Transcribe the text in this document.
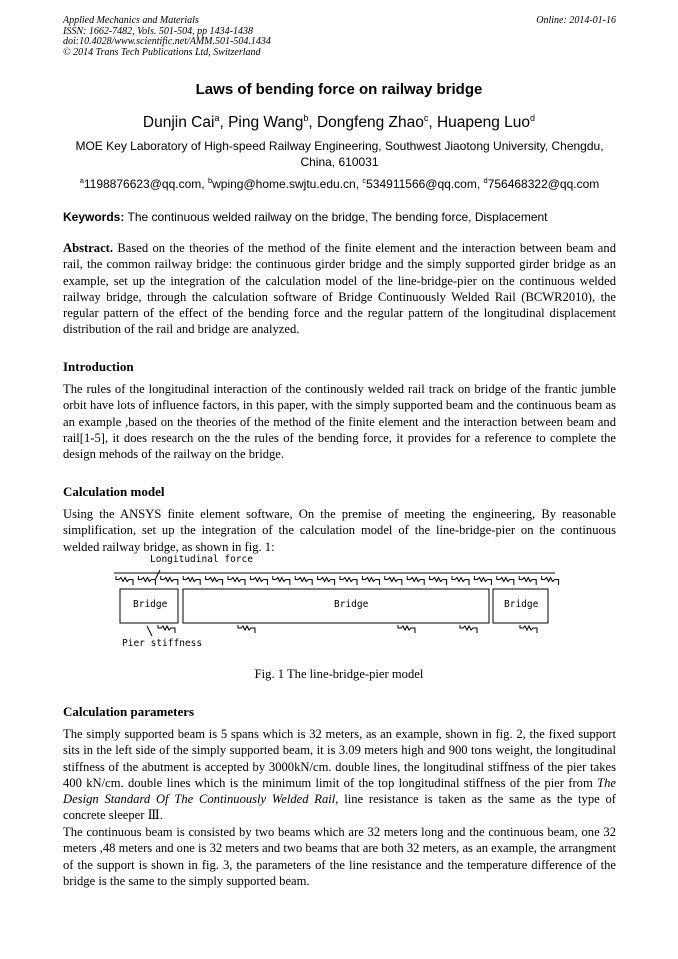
Applied Mechanics and Materials
ISSN: 1662-7482, Vols. 501-504, pp 1434-1438
doi:10.4028/www.scientific.net/AMM.501-504.1434
© 2014 Trans Tech Publications Ltd, Switzerland
Online: 2014-01-16
Laws of bending force on railway bridge
Dunjin Cai$^a$, Ping Wang$^b$, Dongfeng Zhao$^c$, Huapeng Luo$^d$
MOE Key Laboratory of High-speed Railway Engineering, Southwest Jiaotong University, Chengdu, China, 610031
$^a$1198876623@qq.com, $^b$wping@home.swjtu.edu.cn, $^c$534911566@qq.com, $^d$756468322@qq.com
Keywords: The continuous welded railway on the bridge, The bending force, Displacement
Abstract. Based on the theories of the method of the finite element and the interaction between beam and rail, the common railway bridge: the continuous girder bridge and the simply supported girder bridge as an example, set up the integration of the calculation model of the line-bridge-pier on the continuous welded railway bridge, through the calculation software of Bridge Continuously Welded Rail (BCWR2010), the regular pattern of the effect of the bending force and the regular pattern of the longitudinal displacement distribution of the rail and bridge are analyzed.
Introduction
The rules of the longitudinal interaction of the continously welded rail track on bridge of the frantic jumble orbit have lots of influence factors, in this paper, with the simply supported beam and the continuous beam as an example ,based on the theories of the method of the finite element and the interaction between beam and rail[1-5], it does research on the the rules of the bending force, it provides for a reference to complete the design mehods of the railway on the bridge.
Calculation model
Using the ANSYS finite element software, On the premise of meeting the engineering, By reasonable simplification, set up the integration of the calculation model of the line-bridge-pier on the continuous welded railway bridge, as shown in fig. 1:
Longitudinal force
Bridge	Bridge	Bridge
Pier stiffness
Fig. 1 The line-bridge-pier model
Calculation parameters
The simply supported beam is 5 spans which is 32 meters, as an example, shown in fig. 2, the fixed support sits in the left side of the simply supported beam, it is 3.09 meters high and 900 tons weight, the longitudinal stiffness of the abutment is accepted by 3000kN/cm. double lines, the longitudinal stiffness of the pier takes 400 kN/cm. double lines which is the minimum limit of the top longitudinal stiffness of the pier from The Design Standard Of The Continuously Welded Rail, line resistance is taken as the same as the type of concrete sleeper Ⅲ.
The continuous beam is consisted by two beams which are 32 meters long and the continuous beam, one 32 meters ,48 meters and one is 32 meters and two beams that are both 32 meters, as an example, the arrangment of the support is shown in fig. 3, the parameters of the line resistance and the temperature difference of the bridge is the same to the simply supported beam.
